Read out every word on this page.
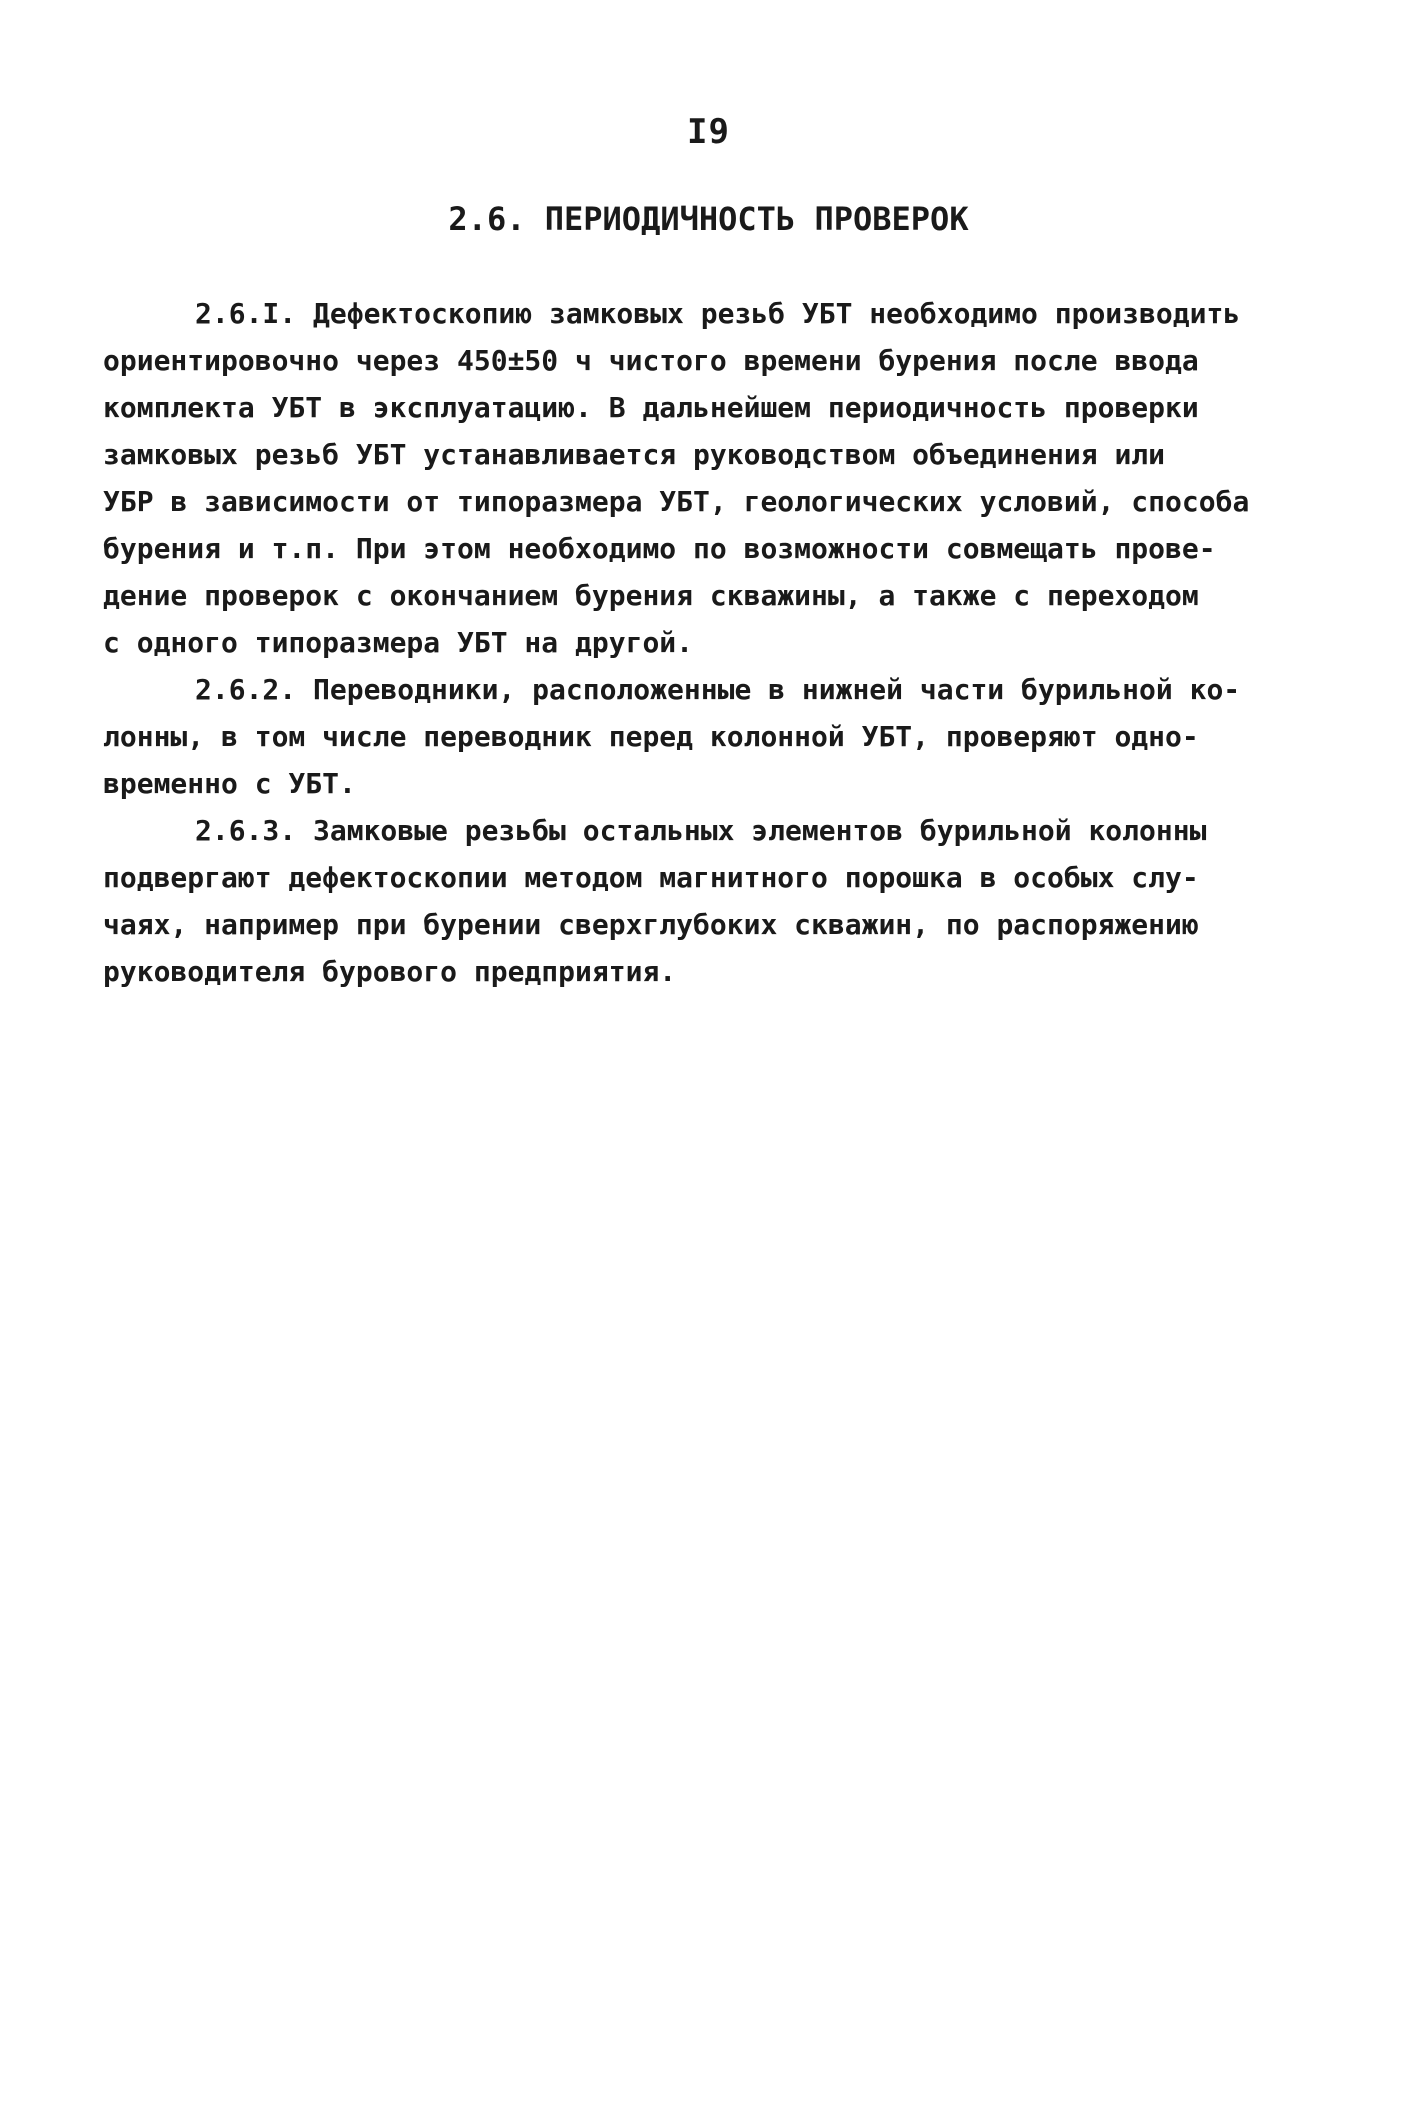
I9
2.6. ПЕРИОДИЧНОСТЬ ПРОВЕРОК
2.6.I. Дефектоскопию замковых резьб УБТ необходимо производить
ориентировочно через 450±50 ч чистого времени бурения после ввода
комплекта УБТ в эксплуатацию. В дальнейшем периодичность проверки
замковых резьб УБТ устанавливается руководством объединения или
УБР в зависимости от типоразмера УБТ, геологических условий, способа
бурения и т.п. При этом необходимо по возможности совмещать прове-
дение проверок с окончанием бурения скважины, а также с переходом
с одного типоразмера УБТ на другой.
2.6.2. Переводники, расположенные в нижней части бурильной ко-
лонны, в том числе переводник перед колонной УБТ, проверяют одно-
временно с УБТ.
2.6.3. Замковые резьбы остальных элементов бурильной колонны
подвергают дефектоскопии методом магнитного порошка в особых слу-
чаях, например при бурении сверхглубоких скважин, по распоряжению
руководителя бурового предприятия.
